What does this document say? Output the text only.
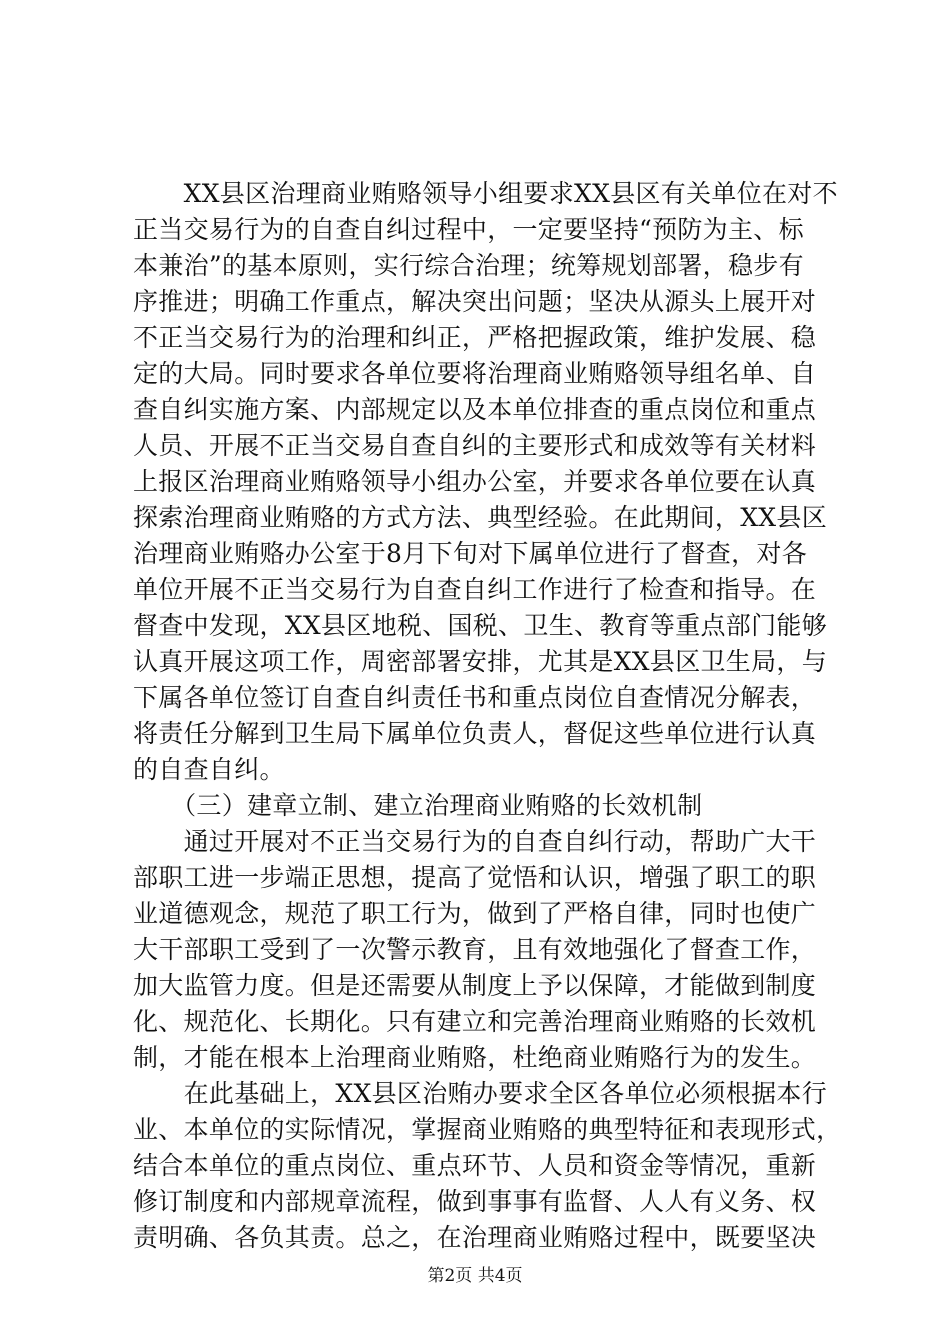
　　XX县区治理商业贿赂领导小组要求XX县区有关单位在对不
正当交易行为的自查自纠过程中，一定要坚持“预防为主、标
本兼治”的基本原则，实行综合治理；统筹规划部署，稳步有
序推进；明确工作重点，解决突出问题；坚决从源头上展开对
不正当交易行为的治理和纠正，严格把握政策，维护发展、稳
定的大局。同时要求各单位要将治理商业贿赂领导组名单、自
查自纠实施方案、内部规定以及本单位排查的重点岗位和重点
人员、开展不正当交易自查自纠的主要形式和成效等有关材料
上报区治理商业贿赂领导小组办公室，并要求各单位要在认真
探索治理商业贿赂的方式方法、典型经验。在此期间，XX县区
治理商业贿赂办公室于8月下旬对下属单位进行了督查，对各
单位开展不正当交易行为自查自纠工作进行了检查和指导。在
督查中发现，XX县区地税、国税、卫生、教育等重点部门能够
认真开展这项工作，周密部署安排，尤其是XX县区卫生局，与
下属各单位签订自查自纠责任书和重点岗位自查情况分解表，
将责任分解到卫生局下属单位负责人，督促这些单位进行认真
的自查自纠。
　　（三）建章立制、建立治理商业贿赂的长效机制
　　通过开展对不正当交易行为的自查自纠行动，帮助广大干
部职工进一步端正思想，提高了觉悟和认识，增强了职工的职
业道德观念，规范了职工行为，做到了严格自律，同时也使广
大干部职工受到了一次警示教育，且有效地强化了督查工作，
加大监管力度。但是还需要从制度上予以保障，才能做到制度
化、规范化、长期化。只有建立和完善治理商业贿赂的长效机
制，才能在根本上治理商业贿赂，杜绝商业贿赂行为的发生。
　　在此基础上，XX县区治贿办要求全区各单位必须根据本行
业、本单位的实际情况，掌握商业贿赂的典型特征和表现形式，
结合本单位的重点岗位、重点环节、人员和资金等情况，重新
修订制度和内部规章流程，做到事事有监督、人人有义务、权
责明确、各负其责。总之，在治理商业贿赂过程中，既要坚决
第2页 共4页
